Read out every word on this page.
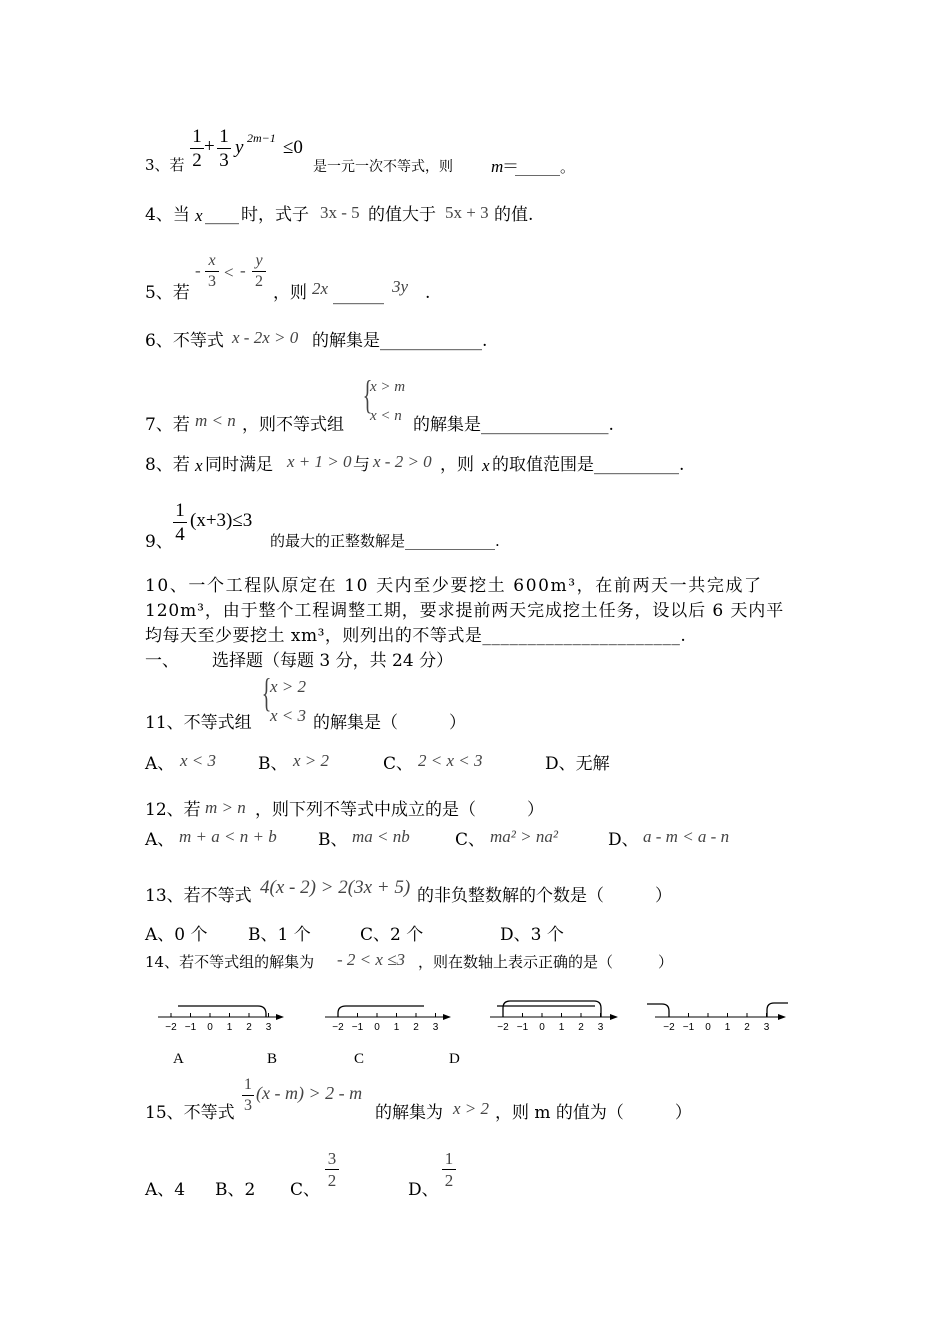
3、若
1
2
+ 1
3
y 2m−1 ≤0
是一元一次不等式，则 m
＝
______。
4、当 x ____ 时，式子 3x - 5 的值大于 5x + 3 的值.
5、若
-
x
3 < -
y
2
，则 2x ______ 3y .
6、不等式 x - 2x > 0 的解集是____________.
7、若 m < n ，则不等式组
{
x > m
x < n 的解集是_______________.
8、若 x 同时满足 x + 1 > 0 与 x - 2 > 0 ，则 x 的取值范围是__________.
9、
1
4
(x+3)≤3
的最大的正整数解是____________.
10、一个工程队原定在 10 天内至少要挖土 600m³，在前两天一共完成了
120m³，由于整个工程调整工期，要求提前两天完成挖土任务，设以后 6 天内平
均每天至少要挖土 xm³，则列出的不等式是______________________.
一、 选择题（每题 3 分，共 24 分）
11、不等式组
{
x > 2
x < 3 的解集是（　　　）
A、 x < 3 B、 x > 2	C、 2 < x < 3	D、无解
12、若 m > n ，则下列不等式中成立的是（　　　）
A、 m + a < n + b B、 ma < nb	C、 ma² > na²	D、 a - m < a - n
13、若不等式 4(x - 2) > 2(3x + 5) 的非负整数解的个数是（　　　）
A、0 个 B、1 个	C、2 个	D、3 个
14、若不等式组的解集为 - 2 < x ≤3 ，则在数轴上表示正确的是（　　　）
−2 −1 0 1 2 3	−2 −1 0 1 2 3	−2 −1 0 1 2 3	−2 −1 0 1 2 3
A	B	C	D
15、不等式
1
3
(x - m) > 2 - m
的解集为 x > 2 ，则 m 的值为（　　　）
A、4 B、2 C、
3
2	D、
1
2
